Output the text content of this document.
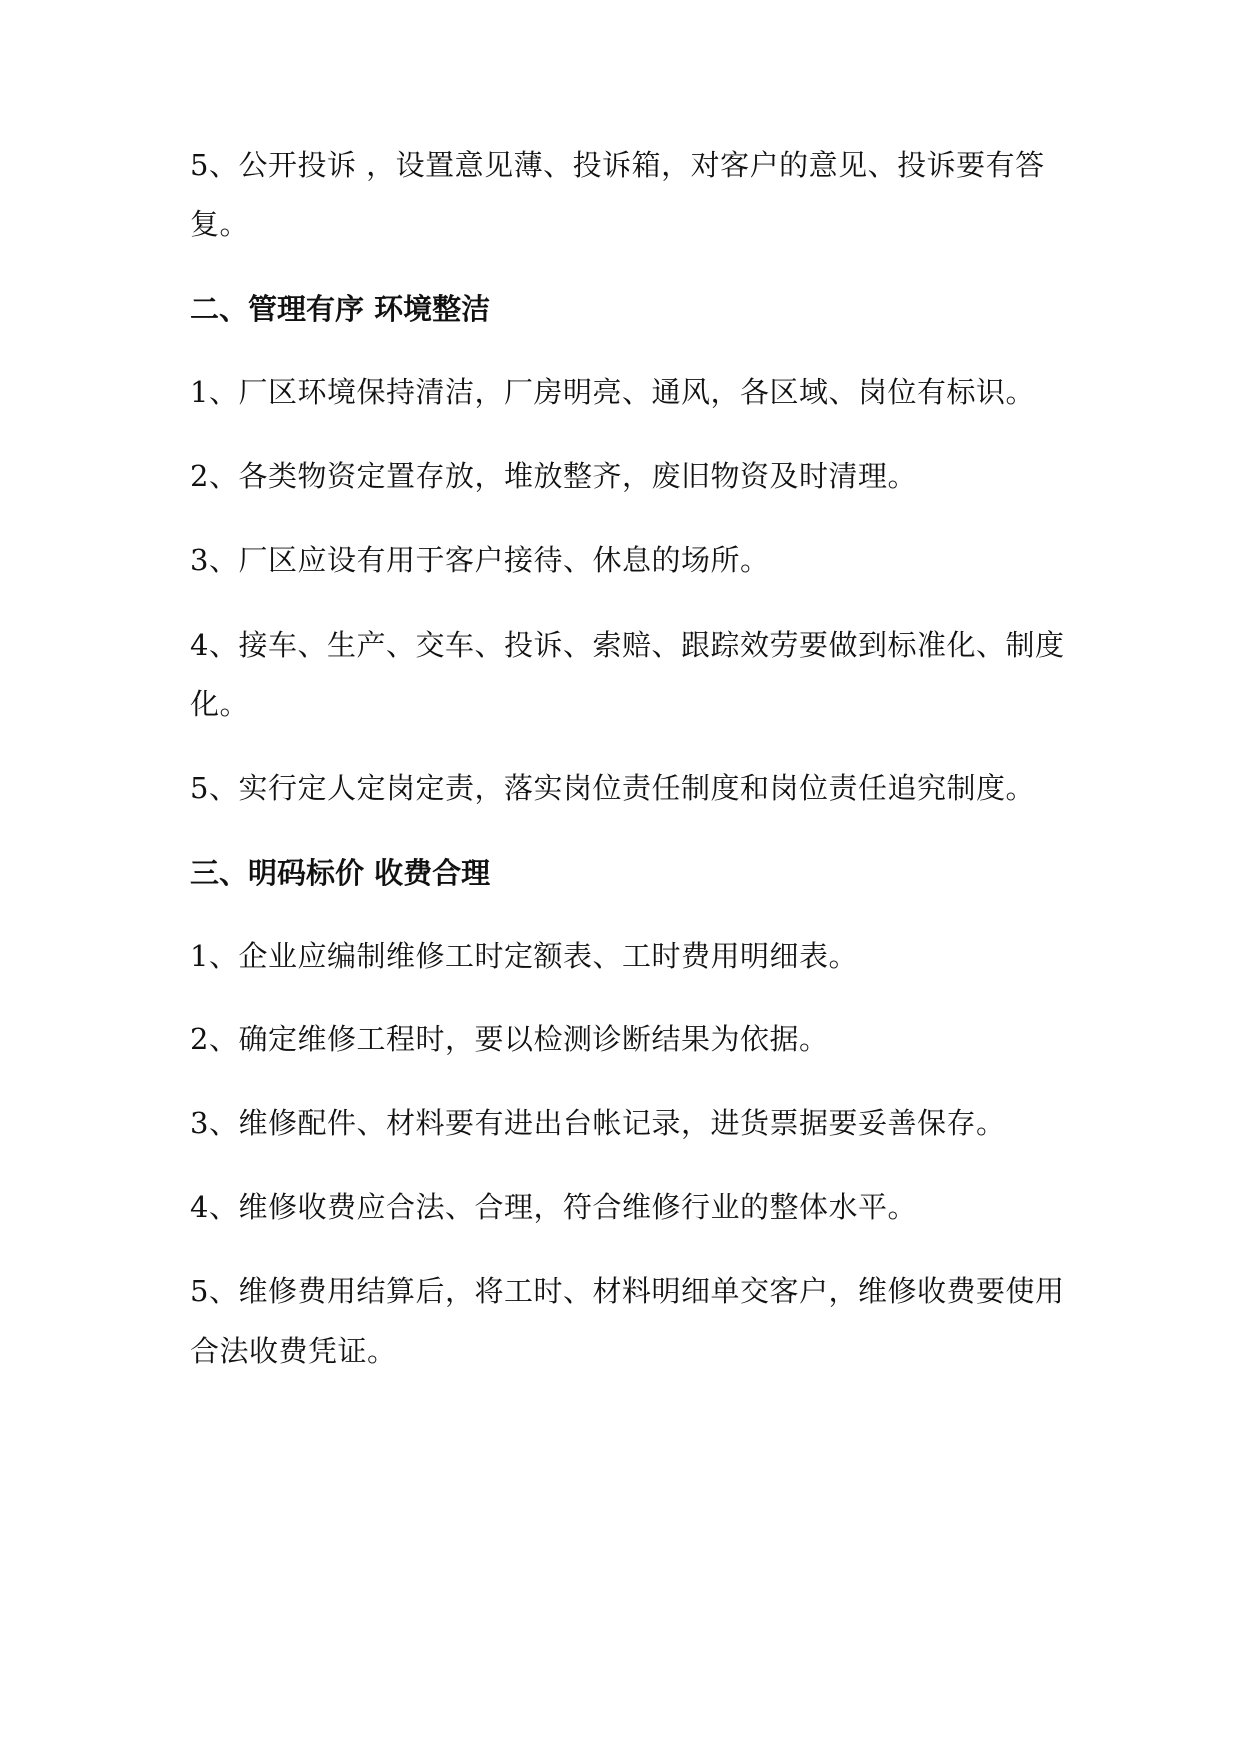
5、公开投诉 ，设置意见薄、投诉箱，对客户的意见、投诉要有答
复。
二、管理有序 环境整洁
1、厂区环境保持清洁，厂房明亮、通风，各区域、岗位有标识。
2、各类物资定置存放，堆放整齐，废旧物资及时清理。
3、厂区应设有用于客户接待、休息的场所。
4、接车、生产、交车、投诉、索赔、跟踪效劳要做到标准化、制度
化。
5、实行定人定岗定责，落实岗位责任制度和岗位责任追究制度。
三、明码标价 收费合理
1、企业应编制维修工时定额表、工时费用明细表。
2、确定维修工程时，要以检测诊断结果为依据。
3、维修配件、材料要有进出台帐记录，进货票据要妥善保存。
4、维修收费应合法、合理，符合维修行业的整体水平。
5、维修费用结算后，将工时、材料明细单交客户，维修收费要使用
合法收费凭证。
